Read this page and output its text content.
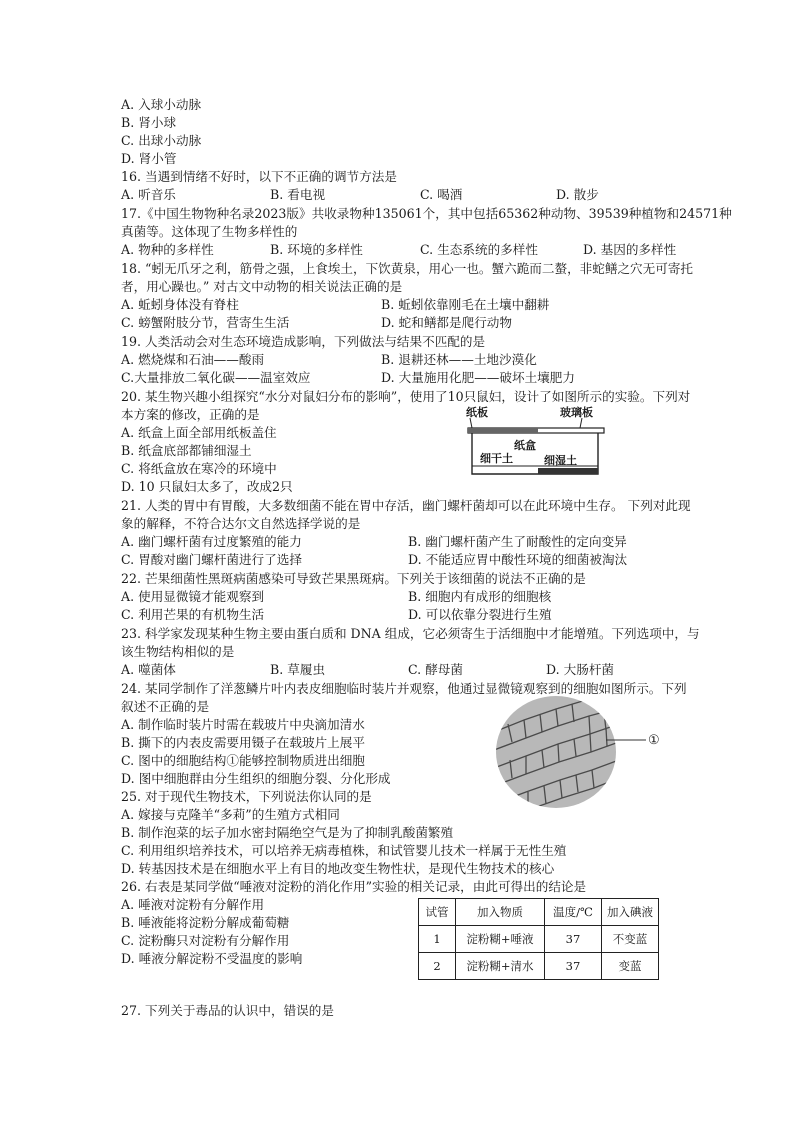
A. 入球小动脉
B. 肾小球
C. 出球小动脉
D. 肾小管
16. 当遇到情绪不好时，以下不正确的调节方法是
A. 听音乐	B. 看电视	C. 喝酒	D. 散步
17.《中国生物物种名录2023版》共收录物种135061个，其中包括65362种动物、39539种植物和24571种
真菌等。这体现了生物多样性的
A. 物种的多样性	B. 环境的多样性	C. 生态系统的多样性	D. 基因的多样性
18. “蚓无爪牙之利，筋骨之强，上食埃土，下饮黄泉，用心一也。蟹六跪而二螯，非蛇鳝之穴无可寄托
者，用心躁也。” 对古文中动物的相关说法正确的是
A. 蚯蚓身体没有脊柱	B. 蚯蚓依靠刚毛在土壤中翻耕
C. 螃蟹附肢分节，营寄生生活	D. 蛇和鳝都是爬行动物
19. 人类活动会对生态环境造成影响，下列做法与结果不匹配的是
A. 燃烧煤和石油——酸雨	B. 退耕还林——土地沙漠化
C.大量排放二氧化碳——温室效应	D. 大量施用化肥——破坏土壤肥力
20. 某生物兴趣小组探究“水分对鼠妇分布的影响”，使用了10只鼠妇，设计了如图所示的实验。下列对
本方案的修改，正确的是
A. 纸盒上面全部用纸板盖住
B. 纸盒底部都铺细湿土
C. 将纸盒放在寒冷的环境中
D. 10 只鼠妇太多了，改成2只
纸板	玻璃板
纸盒
细干土	细湿土
21. 人类的胃中有胃酸，大多数细菌不能在胃中存活，幽门螺杆菌却可以在此环境中生存。 下列对此现
象的解释，不符合达尔文自然选择学说的是
A. 幽门螺杆菌有过度繁殖的能力	B. 幽门螺杆菌产生了耐酸性的定向变异
C. 胃酸对幽门螺杆菌进行了选择	D. 不能适应胃中酸性环境的细菌被淘汰
22. 芒果细菌性黑斑病菌感染可导致芒果黑斑病。下列关于该细菌的说法不正确的是
A. 使用显微镜才能观察到	B. 细胞内有成形的细胞核
C. 利用芒果的有机物生活	D. 可以依靠分裂进行生殖
23. 科学家发现某种生物主要由蛋白质和 DNA 组成，它必须寄生于活细胞中才能增殖。下列选项中，与
该生物结构相似的是
A. 噬菌体	B. 草履虫	C. 酵母菌	D. 大肠杆菌
24. 某同学制作了洋葱鳞片叶内表皮细胞临时装片并观察，他通过显微镜观察到的细胞如图所示。下列
叙述不正确的是
A. 制作临时装片时需在载玻片中央滴加清水
B. 撕下的内表皮需要用镊子在载玻片上展平
C. 图中的细胞结构①能够控制物质进出细胞
D. 图中细胞群由分生组织的细胞分裂、分化形成
①
25. 对于现代生物技术，下列说法你认同的是
A. 嫁接与克隆羊“多莉”的生殖方式相同
B. 制作泡菜的坛子加水密封隔绝空气是为了抑制乳酸菌繁殖
C. 利用组织培养技术，可以培养无病毒植株，和试管婴儿技术一样属于无性生殖
D. 转基因技术是在细胞水平上有目的地改变生物性状，是现代生物技术的核心
26. 右表是某同学做“唾液对淀粉的消化作用”实验的相关记录，由此可得出的结论是
A. 唾液对淀粉有分解作用
B. 唾液能将淀粉分解成葡萄糖
C. 淀粉酶只对淀粉有分解作用
D. 唾液分解淀粉不受温度的影响
试管	加入物质	温度/℃	加入碘液
1	淀粉糊+唾液	37	不变蓝
2	淀粉糊+清水	37	变蓝
27. 下列关于毒品的认识中，错误的是
